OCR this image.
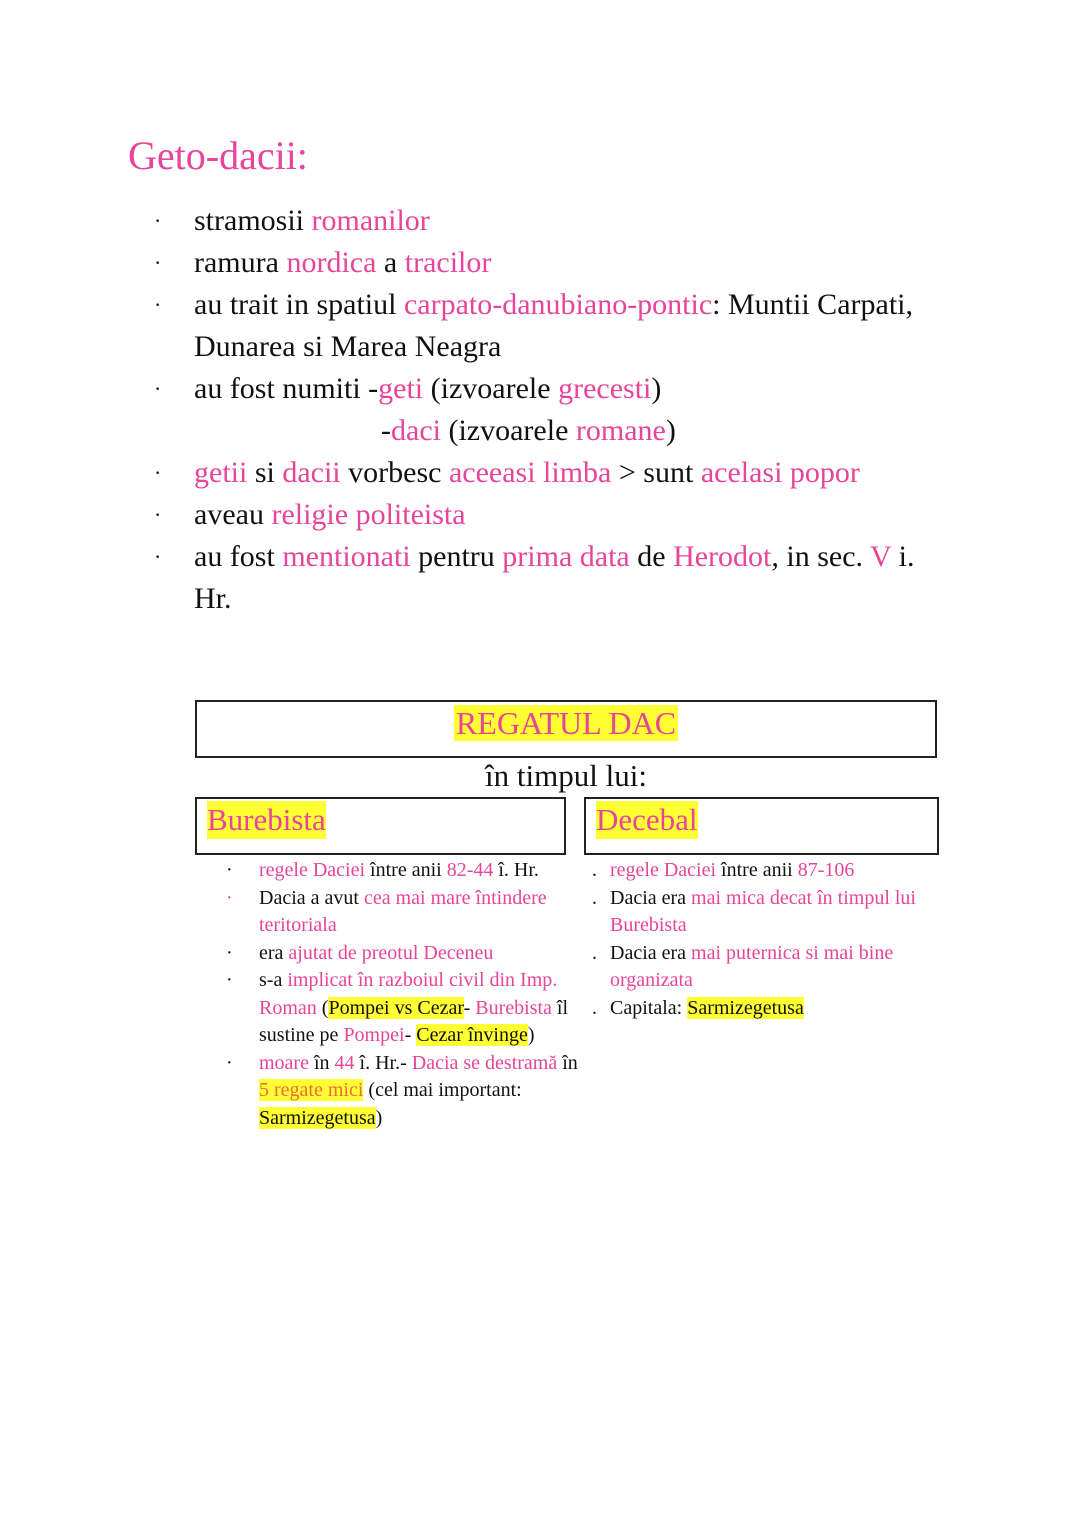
Geto-dacii:
· stramosii romanilor
· ramura nordica a tracilor
· au trait in spatiul carpato-danubiano-pontic: Muntii Carpati, Dunarea si Marea Neagra
· au fost numiti -geti (izvoarele grecesti)
-daci (izvoarele romane)
· getii si dacii vorbesc aceeasi limba > sunt acelasi popor
· aveau religie politeista
· au fost mentionati pentru prima data de Herodot, in sec. V i. Hr.
REGATUL DAC
în timpul lui:
Burebista	Decebal
· regele Daciei între anii 82-44 î. Hr.
· Dacia a avut cea mai mare întindere teritoriala
· era ajutat de preotul Deceneu
· s-a implicat în razboiul civil din Imp. Roman (Pompei vs Cezar- Burebista îl sustine pe Pompei- Cezar învinge)
· moare în 44 î. Hr.- Dacia se destramă în 5 regate mici (cel mai important: Sarmizegetusa)
. regele Daciei între anii 87-106
. Dacia era mai mica decat în timpul lui Burebista
. Dacia era mai puternica si mai bine organizata
. Capitala: Sarmizegetusa
